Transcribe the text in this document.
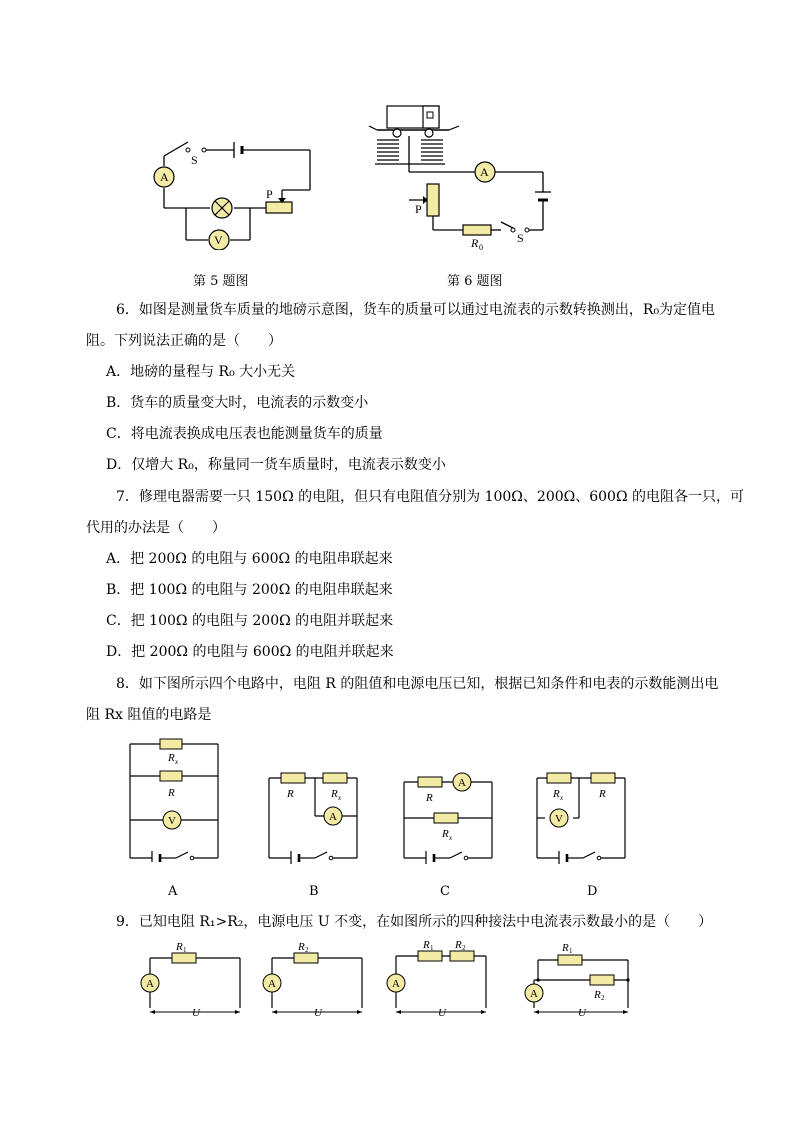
A
V
S
P
第 5 题图
A
P
R 0
S
第 6 题图
6．如图是测量货车质量的地磅示意图，货车的质量可以通过电流表的示数转换测出，R₀为定值电
阻。下列说法正确的是（　　）
A．地磅的量程与 R₀ 大小无关
B．货车的质量变大时，电流表的示数变小
C．将电流表换成电压表也能测量货车的质量
D．仅增大 R₀，称量同一货车质量时，电流表示数变小
7．修理电器需要一只 150Ω 的电阻，但只有电阻值分别为 100Ω、200Ω、600Ω 的电阻各一只，可
代用的办法是（　　）
A．把 200Ω 的电阻与 600Ω 的电阻串联起来
B．把 100Ω 的电阻与 200Ω 的电阻串联起来
C．把 100Ω 的电阻与 200Ω 的电阻并联起来
D．把 200Ω 的电阻与 600Ω 的电阻并联起来
8．如下图所示四个电路中，电阻 R 的阻值和电源电压已知，根据已知条件和电表的示数能测出电
阻 Rx 阻值的电路是
R x
R
V
R	R x
A
R
A
R x
R x	R
V
A	B	C	D
9．已知电阻 R₁>R₂，电源电压 U 不变，在如图所示的四种接法中电流表示数最小的是（　　）
A
R 1
U
A
R 2
U
A
R 1 R 2
U
A
R 1
R 2
U
